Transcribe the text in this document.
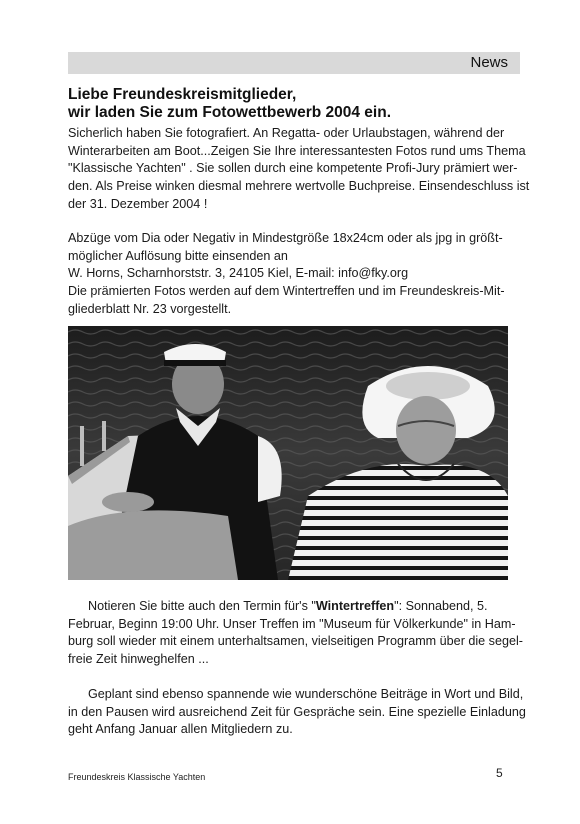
News
Liebe Freundeskreismitglieder,
wir laden Sie zum Fotowettbewerb 2004 ein.
Sicherlich haben Sie fotografiert. An Regatta- oder Urlaubstagen, während der
Winterarbeiten am Boot...Zeigen Sie Ihre interessantesten Fotos rund ums Thema
"Klassische Yachten" . Sie sollen durch eine kompetente Profi-Jury prämiert wer-
den. Als Preise winken diesmal mehrere wertvolle Buchpreise. Einsendeschluss ist
der 31. Dezember 2004 !
Abzüge vom Dia oder Negativ in Mindestgröße 18x24cm oder als jpg in größt-
möglicher Auflösung bitte einsenden an
W. Horns, Scharnhorststr. 3, 24105 Kiel, E-mail: info@fky.org
Die prämierten Fotos werden auf dem Wintertreffen und im Freundeskreis-Mit-
gliederblatt Nr. 23 vorgestellt.
Notieren Sie bitte auch den Termin für's "Wintertreffen": Sonnabend, 5.
Februar, Beginn 19:00 Uhr. Unser Treffen im "Museum für Völkerkunde" in Ham-
burg soll wieder mit einem unterhaltsamen, vielseitigen Programm über die segel-
freie Zeit hinweghelfen ...
Geplant sind ebenso spannende wie wunderschöne Beiträge in Wort und Bild,
in den Pausen wird ausreichend Zeit für Gespräche sein. Eine spezielle Einladung
geht Anfang Januar allen Mitgliedern zu.
Freundeskreis Klassische Yachten	5
